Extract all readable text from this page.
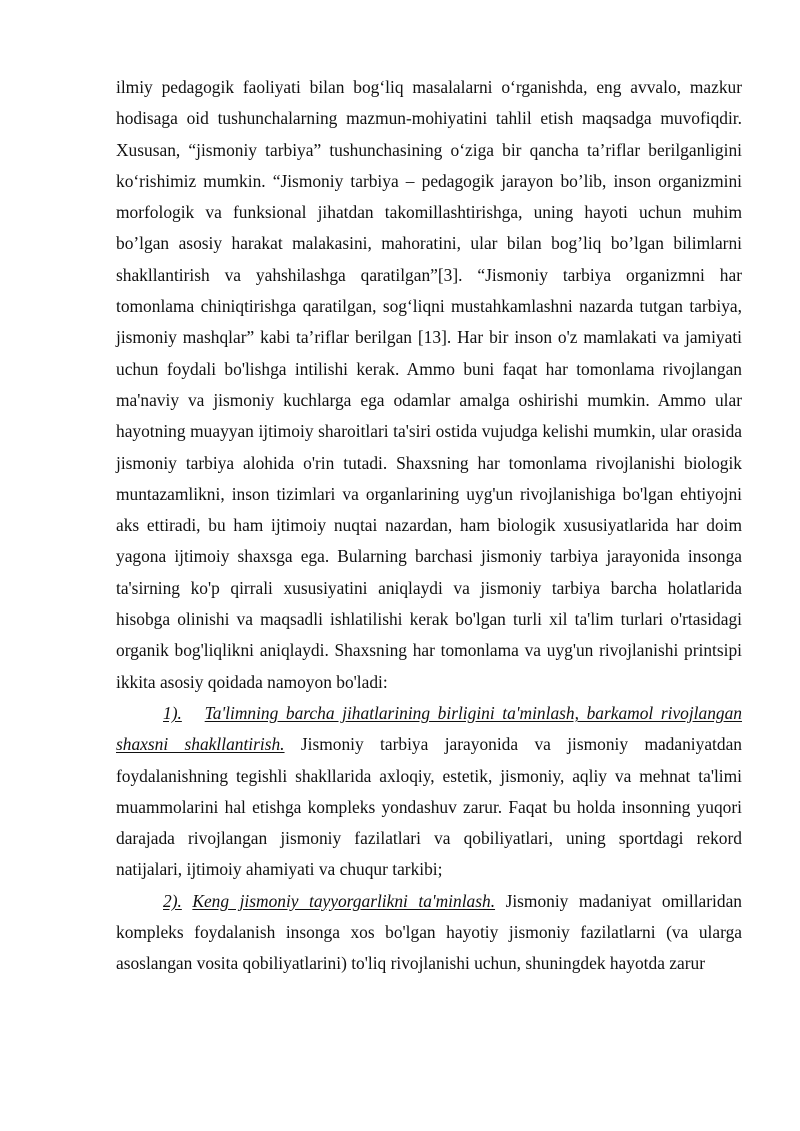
ilmiy pedagogik faoliyati bilan bog‘liq masalalarni o‘rganishda, eng avvalo, mazkur hodisaga oid tushunchalarning mazmun-mohiyatini tahlil etish maqsadga muvofiqdir. Xususan, “jismoniy tarbiya” tushunchasining o‘ziga bir qancha ta’riflar berilganligini ko‘rishimiz mumkin. “Jismoniy tarbiya – pedagogik jarayon bo’lib, inson organizmini morfologik va funksional jihatdan takomillashtirishga, uning hayoti uchun muhim bo’lgan asosiy harakat malakasini, mahoratini, ular bilan bog’liq bo’lgan bilimlarni shakllantirish va yahshilashga qaratilgan”[3]. “Jismoniy tarbiya organizmni har tomonlama chiniqtirishga qaratilgan, sog‘liqni mustahkamlashni nazarda tutgan tarbiya, jismoniy mashqlar” kabi ta’riflar berilgan [13]. Har bir inson o'z mamlakati va jamiyati uchun foydali bo'lishga intilishi kerak. Ammo buni faqat har tomonlama rivojlangan ma'naviy va jismoniy kuchlarga ega odamlar amalga oshirishi mumkin. Ammo ular hayotning muayyan ijtimoiy sharoitlari ta'siri ostida vujudga kelishi mumkin, ular orasida jismoniy tarbiya alohida o'rin tutadi. Shaxsning har tomonlama rivojlanishi biologik muntazamlikni, inson tizimlari va organlarining uyg'un rivojlanishiga bo'lgan ehtiyojni aks ettiradi, bu ham ijtimoiy nuqtai nazardan, ham biologik xususiyatlarida har doim yagona ijtimoiy shaxsga ega. Bularning barchasi jismoniy tarbiya jarayonida insonga ta'sirning ko'p qirrali xususiyatini aniqlaydi va jismoniy tarbiya barcha holatlarida hisobga olinishi va maqsadli ishlatilishi kerak bo'lgan turli xil ta'lim turlari o'rtasidagi organik bog'liqlikni aniqlaydi. Shaxsning har tomonlama va uyg'un rivojlanishi printsipi ikkita asosiy qoidada namoyon bo'ladi:

1). Ta'limning barcha jihatlarining birligini ta'minlash, barkamol rivojlangan shaxsni shakllantirish. Jismoniy tarbiya jarayonida va jismoniy madaniyatdan foydalanishning tegishli shakllarida axloqiy, estetik, jismoniy, aqliy va mehnat ta'limi muammolarini hal etishga kompleks yondashuv zarur. Faqat bu holda insonning yuqori darajada rivojlangan jismoniy fazilatlari va qobiliyatlari, uning sportdagi rekord natijalari, ijtimoiy ahamiyati va chuqur tarkibi;

2). Keng jismoniy tayyorgarlikni ta'minlash. Jismoniy madaniyat omillaridan kompleks foydalanish insonga xos bo'lgan hayotiy jismoniy fazilatlarni (va ularga asoslangan vosita qobiliyatlarini) to'liq rivojlanishi uchun, shuningdek hayotda zarur
